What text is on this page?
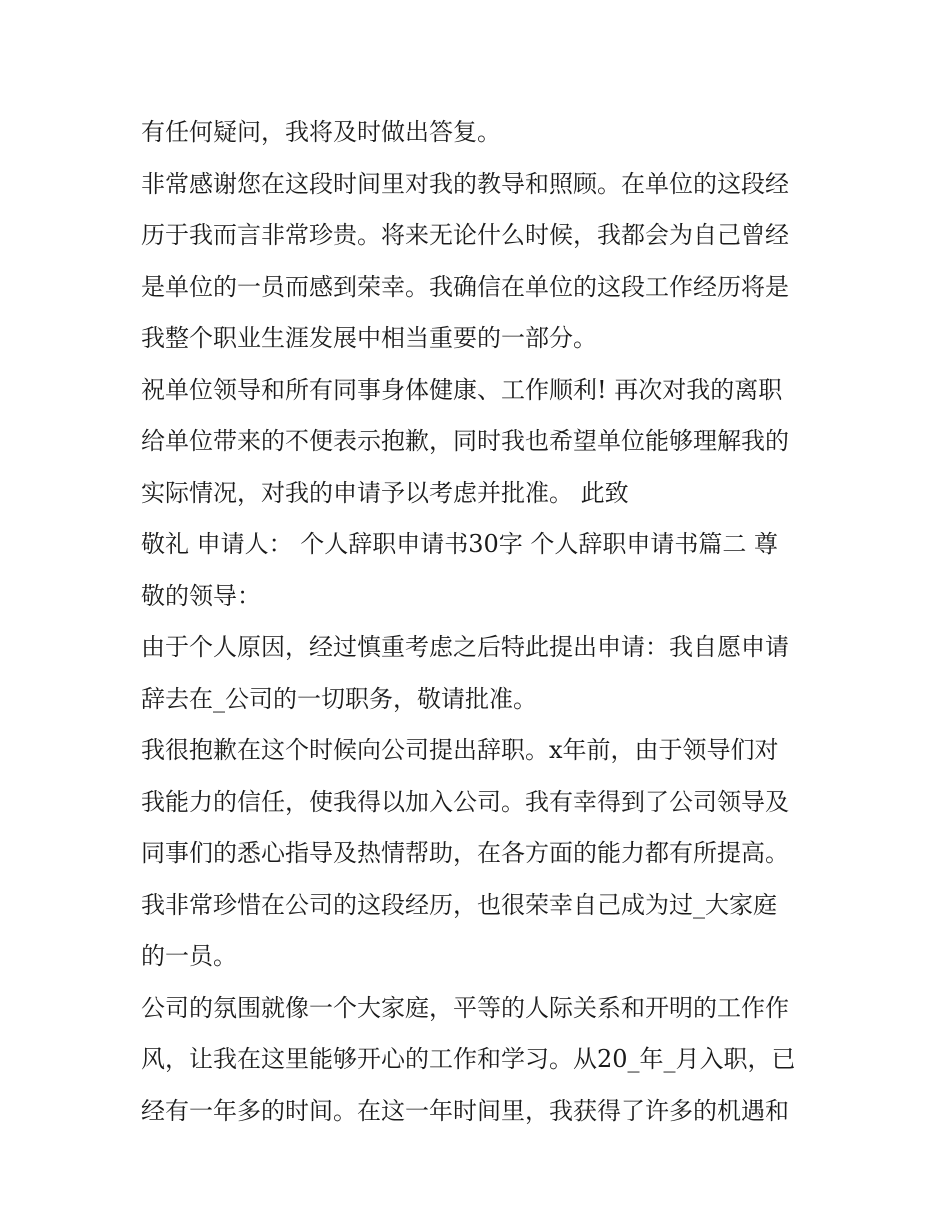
有任何疑问，我将及时做出答复。
非常感谢您在这段时间里对我的教导和照顾。在单位的这段经
历于我而言非常珍贵。将来无论什么时候，我都会为自己曾经
是单位的一员而感到荣幸。我确信在单位的这段工作经历将是
我整个职业生涯发展中相当重要的一部分。
祝单位领导和所有同事身体健康、工作顺利! 再次对我的离职
给单位带来的不便表示抱歉，同时我也希望单位能够理解我的
实际情况，对我的申请予以考虑并批准。 此致
敬礼 申请人： 个人辞职申请书30字 个人辞职申请书篇二 尊
敬的领导：
由于个人原因，经过慎重考虑之后特此提出申请：我自愿申请
辞去在_公司的一切职务，敬请批准。
我很抱歉在这个时候向公司提出辞职。x年前，由于领导们对
我能力的信任，使我得以加入公司。我有幸得到了公司领导及
同事们的悉心指导及热情帮助，在各方面的能力都有所提高。
我非常珍惜在公司的这段经历，也很荣幸自己成为过_大家庭
的一员。
公司的氛围就像一个大家庭，平等的人际关系和开明的工作作
风，让我在这里能够开心的工作和学习。从20_年_月入职，已
经有一年多的时间。在这一年时间里，我获得了许多的机遇和
